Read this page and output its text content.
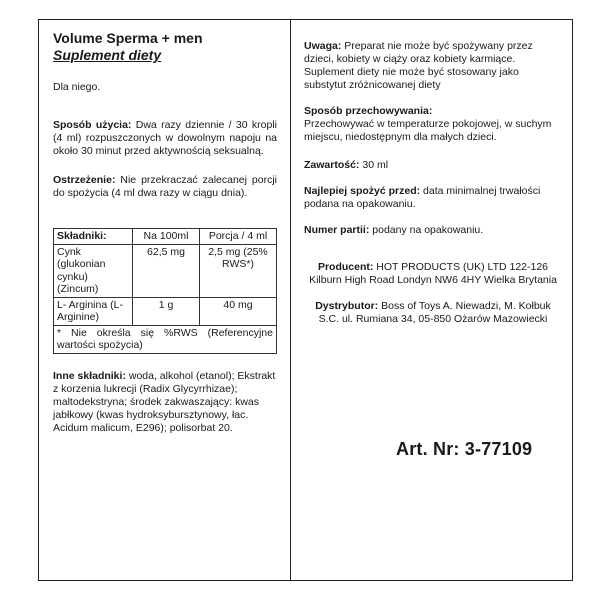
Volume Sperma + men

Suplement diety

Dla niego.

Sposób użycia: Dwa razy dziennie / 30 kropli (4 ml) rozpuszczonych w dowolnym napoju na około 30 minut przed aktywnością seksualną.

Ostrzeżenie: Nie przekraczać zalecanej porcji do spożycia (4 ml dwa razy w ciągu dnia).

Składniki:	Na 100ml	Porcja / 4 ml
Cynk (glukonian cynku) (Zincum)	62,5 mg	2,5 mg (25% RWS*)
L- Arginina (L-Arginine)	1 g	40 mg
* Nie określa się %RWS (Referencyjne wartości spożycia)		

Inne składniki: woda, alkohol (etanol); Ekstrakt z korzenia lukrecji (Radix Glycyrrhizae); maltodekstryna; środek zakwaszający: kwas jabłkowy (kwas hydroksybursztynowy, łac. Acidum malicum, E296); polisorbat 20.

Uwaga: Preparat nie może być spożywany przez dzieci, kobiety w ciąży oraz kobiety karmiące. Suplement diety nie może być stosowany jako substytut zróżnicowanej diety

Sposób przechowywania:
Przechowywać w temperaturze pokojowej, w suchym miejscu, niedostępnym dla małych dzieci.

Zawartość: 30 ml

Najlepiej spożyć przed: data minimalnej trwałości podana na opakowaniu.

Numer partii: podany na opakowaniu.

Producent: HOT PRODUCTS (UK) LTD 122-126 Kilburn High Road Londyn NW6 4HY Wielka Brytania

Dystrybutor: Boss of Toys A. Niewadzi, M. Kołbuk S.C. ul. Rumiana 34, 05-850 Ożarów Mazowiecki

Art. Nr: 3-77109
